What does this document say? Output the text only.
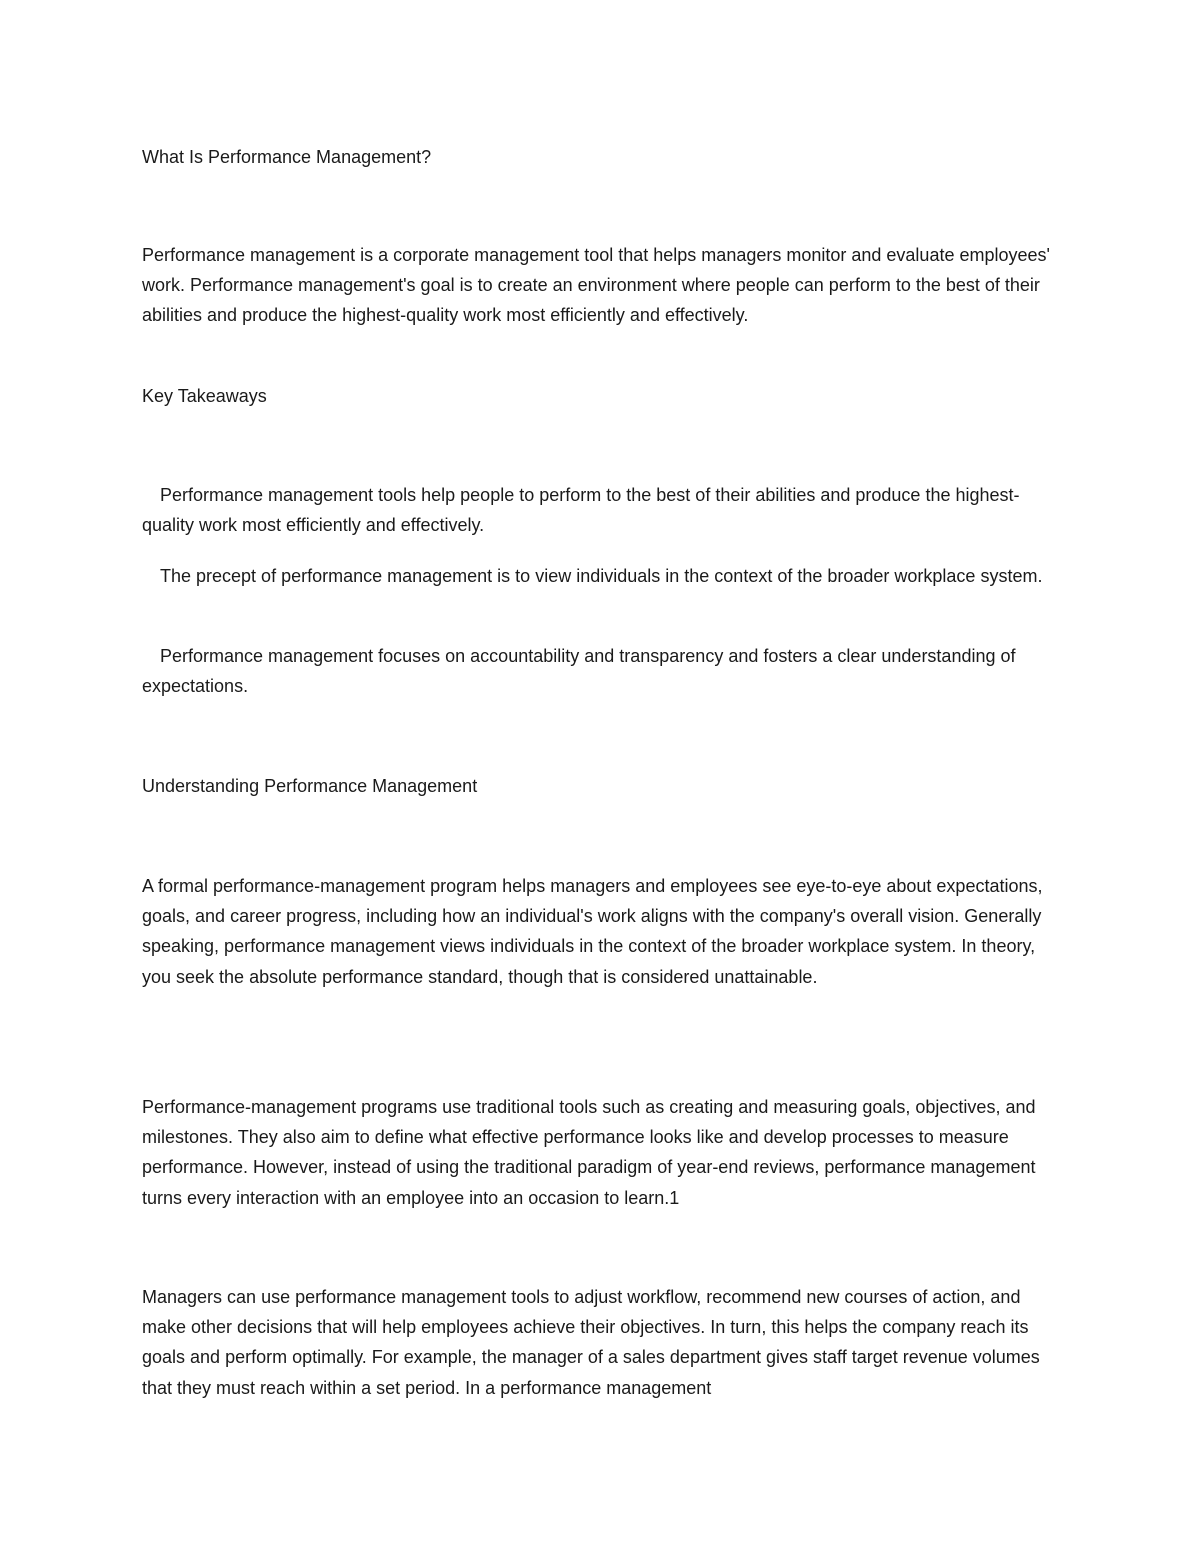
What Is Performance Management?

Performance management is a corporate management tool that helps managers monitor and evaluate employees' work. Performance management's goal is to create an environment where people can perform to the best of their abilities and produce the highest-quality work most efficiently and effectively.

Key Takeaways

Performance management tools help people to perform to the best of their abilities and produce the highest-quality work most efficiently and effectively.

The precept of performance management is to view individuals in the context of the broader workplace system.

Performance management focuses on accountability and transparency and fosters a clear understanding of expectations.

Understanding Performance Management

A formal performance-management program helps managers and employees see eye-to-eye about expectations, goals, and career progress, including how an individual's work aligns with the company's overall vision. Generally speaking, performance management views individuals in the context of the broader workplace system. In theory, you seek the absolute performance standard, though that is considered unattainable.

Performance-management programs use traditional tools such as creating and measuring goals, objectives, and milestones. They also aim to define what effective performance looks like and develop processes to measure performance. However, instead of using the traditional paradigm of year-end reviews, performance management turns every interaction with an employee into an occasion to learn.1

Managers can use performance management tools to adjust workflow, recommend new courses of action, and make other decisions that will help employees achieve their objectives. In turn, this helps the company reach its goals and perform optimally. For example, the manager of a sales department gives staff target revenue volumes that they must reach within a set period. In a performance management
